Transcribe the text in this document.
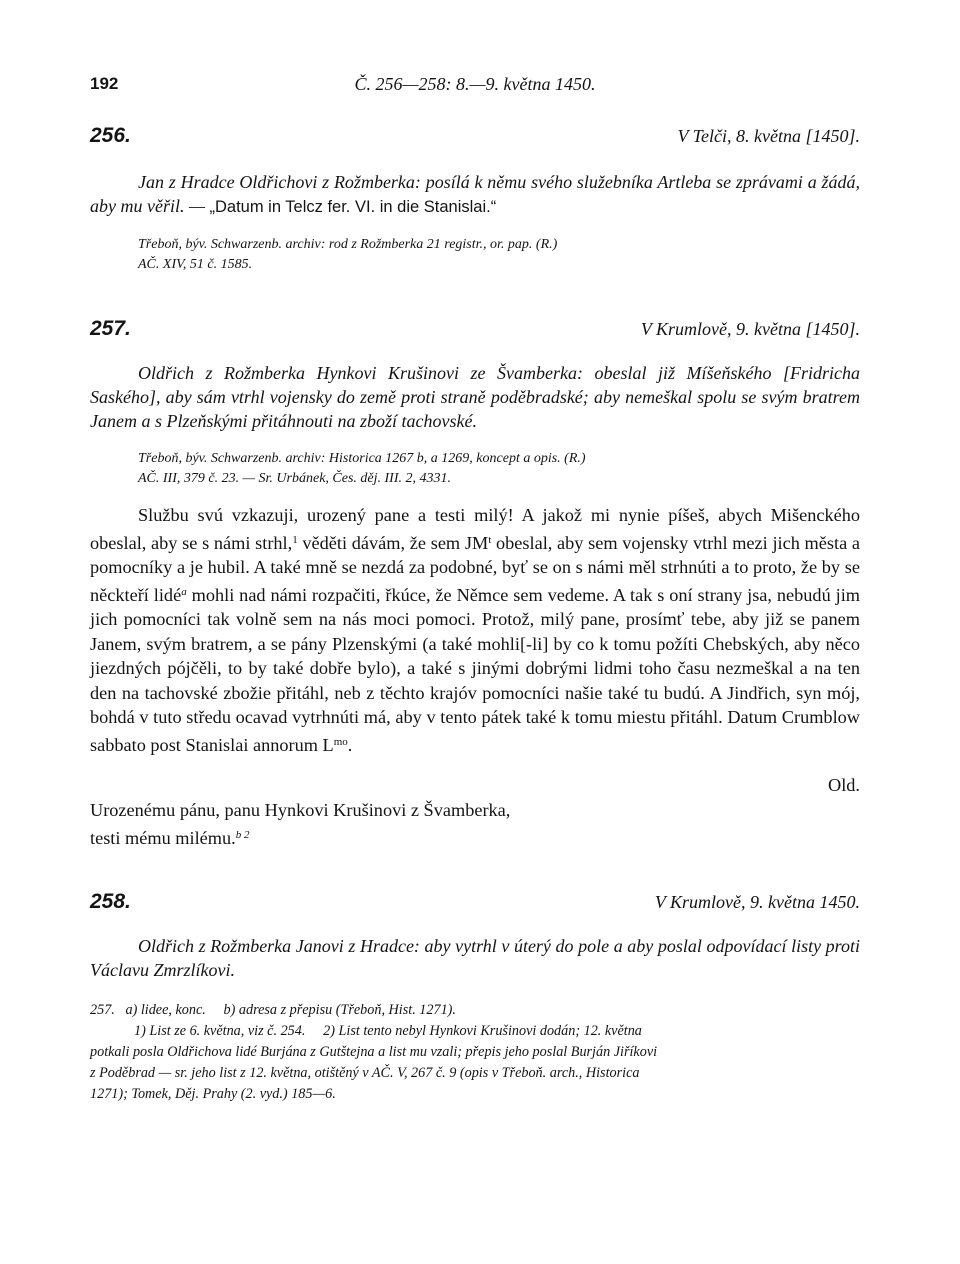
192	Č. 256—258: 8.—9. května 1450.
256.	V Telči, 8. května [1450].

Jan z Hradce Oldřichovi z Rožmberka: posílá k němu svého služebníka Artleba se zprávami a žádá, aby mu věřil. — „Datum in Telcz fer. VI. in die Stanislai.“

Třeboň, býv. Schwarzenb. archiv: rod z Rožmberka 21 registr., or. pap. (R.)
AČ. XIV, 51 č. 1585.
257.	V Krumlově, 9. května [1450].

Oldřich z Rožmberka Hynkovi Krušinovi ze Švamberka: obeslal již Míšeňského [Fridricha Saského], aby sám vtrhl vojensky do země proti straně poděbradské; aby nemeškal spolu se svým bratrem Janem a s Plzeňskými přitáhnouti na zboží tachovské.

Třeboň, býv. Schwarzenb. archiv: Historica 1267 b, a 1269, koncept a opis. (R.)
AČ. III, 379 č. 23. — Sr. Urbánek, Čes. děj. III. 2, 4331.

Službu svú vzkazuji, urozený pane a testi milý! A jakož mi nynie píšeš, abych Mišenckého obeslal, aby se s námi strhl,$^1$ věděti dávám, že sem $JM^t$ obeslal, aby sem vojensky vtrhl mezi jich města a pomocníky a je hubil. A také mně se nezdá za podobné, byť se on s námi měl strhnúti a to proto, že by se něckteří lidé$^a$ mohli nad námi rozpačiti, řkúce, že Němce sem vedeme. A tak s oní strany jsa, nebudú jim jich pomocníci tak volně sem na nás moci pomoci. Protož, milý pane, prosímť tebe, aby již se panem Janem, svým bratrem, a se pány Plzenskými (a také mohli[-li] by co k tomu požíti Chebských, aby něco jiezdných pójčěli, to by také dobře bylo), a také s jinými dobrými lidmi toho času nezmeškal a na ten den na tachovské zbožie přitáhl, neb z těchto krajóv pomocníci našie také tu budú. A Jindřich, syn mój, bohdá v tuto středu ocavad vytrhnúti má, aby v tento pátek také k tomu miestu přitáhl. Datum Crumblow sabbato post Stanislai annorum $L^{mo}$.

Old.
Urozenému pánu, panu Hynkovi Krušinovi z Švamberka,
testi mému milému.$^{b 2}$
258.	V Krumlově, 9. května 1450.

Oldřich z Rožmberka Janovi z Hradce: aby vytrhl v úterý do pole a aby poslal odpovídací listy proti Václavu Zmrzlíkovi.

257.   a) lidee, konc.     b) adresa z přepisu (Třeboň, Hist. 1271).
1) List ze 6. května, viz č. 254.     2) List tento nebyl Hynkovi Krušinovi dodán; 12. května
potkali posla Oldřichova lidé Burjána z Gutštejna a list mu vzali; přepis jeho poslal Burján Jiříkovi
z Poděbrad — sr. jeho list z 12. května, otištěný v AČ. V, 267 č. 9 (opis v Třeboň. arch., Historica
1271); Tomek, Děj. Prahy (2. vyd.) 185—6.
